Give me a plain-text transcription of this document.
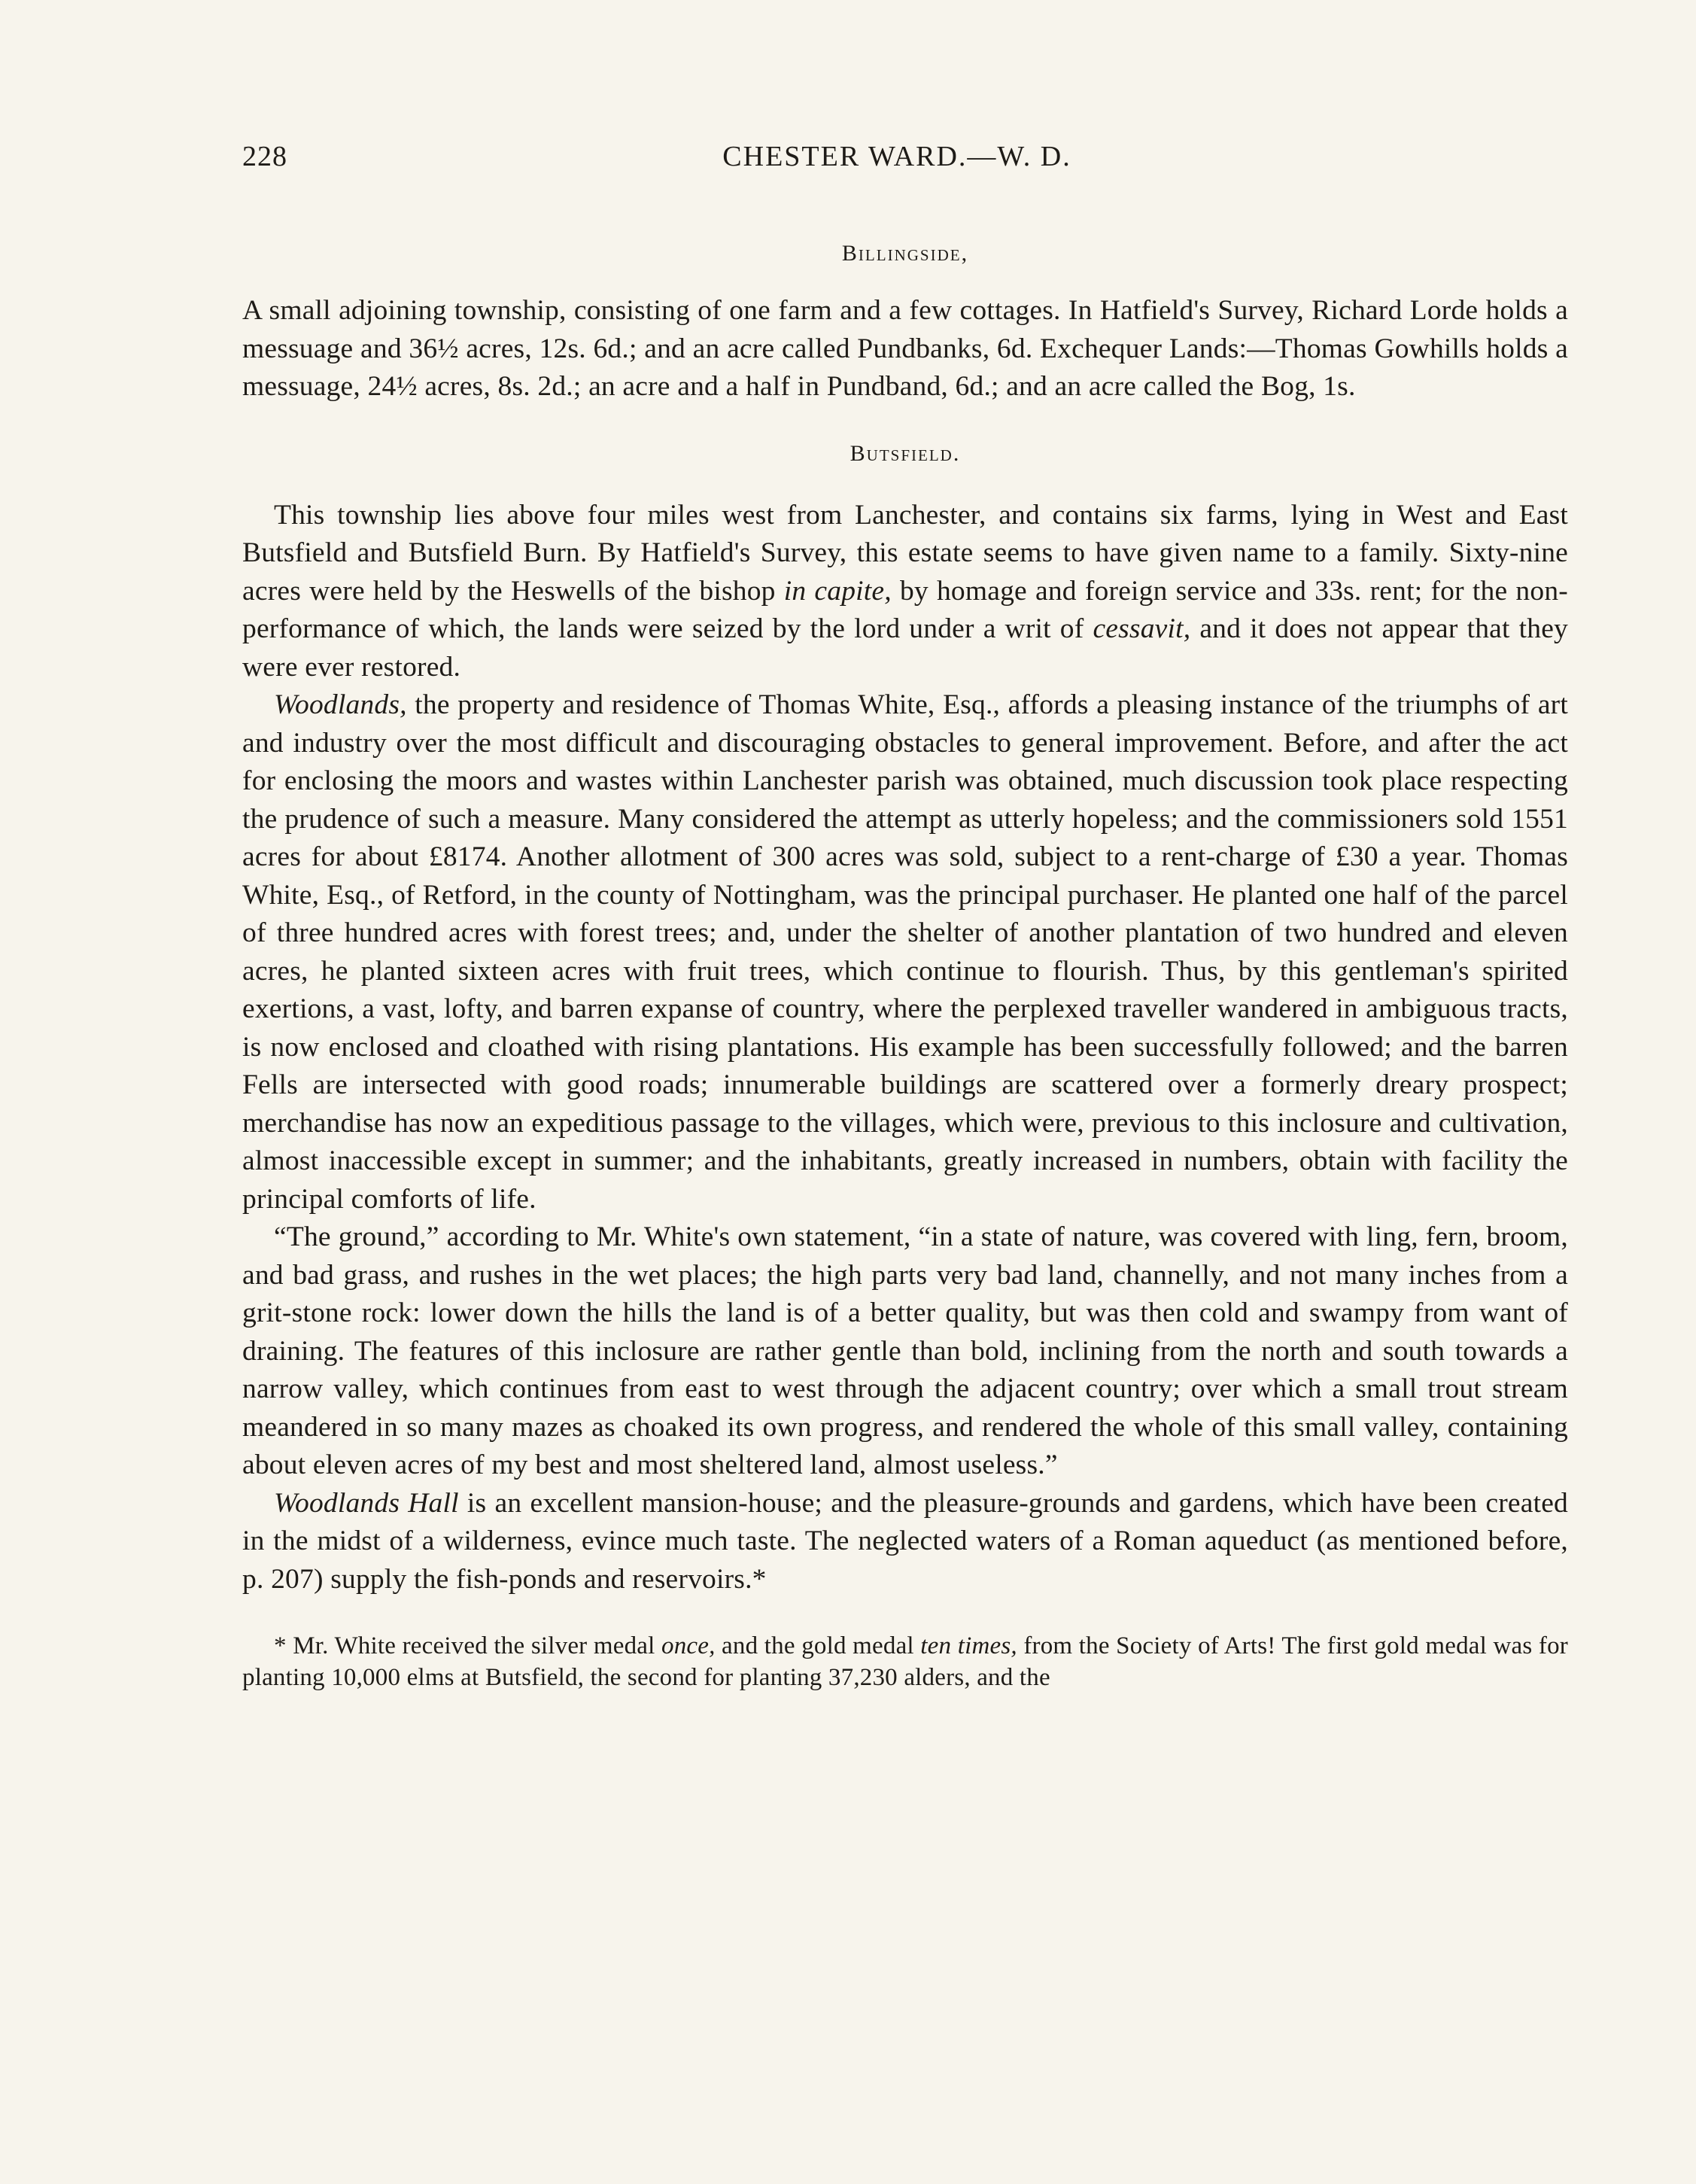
228	CHESTER WARD.—W. D.
Billingside,

A small adjoining township, consisting of one farm and a few cottages. In Hatfield's Survey, Richard Lorde holds a messuage and 36½ acres, 12s. 6d.; and an acre called Pundbanks, 6d. Exchequer Lands:—Thomas Gowhills holds a messuage, 24½ acres, 8s. 2d.; an acre and a half in Pundband, 6d.; and an acre called the Bog, 1s.

Butsfield.

This township lies above four miles west from Lanchester, and contains six farms, lying in West and East Butsfield and Butsfield Burn. By Hatfield's Survey, this estate seems to have given name to a family. Sixty-nine acres were held by the Heswells of the bishop in capite, by homage and foreign service and 33s. rent; for the non-performance of which, the lands were seized by the lord under a writ of cessavit, and it does not appear that they were ever restored.

Woodlands, the property and residence of Thomas White, Esq., affords a pleasing instance of the triumphs of art and industry over the most difficult and discouraging obstacles to general improvement. Before, and after the act for enclosing the moors and wastes within Lanchester parish was obtained, much discussion took place respecting the prudence of such a measure. Many considered the attempt as utterly hopeless; and the commissioners sold 1551 acres for about £8174. Another allotment of 300 acres was sold, subject to a rent-charge of £30 a year. Thomas White, Esq., of Retford, in the county of Nottingham, was the principal purchaser. He planted one half of the parcel of three hundred acres with forest trees; and, under the shelter of another plantation of two hundred and eleven acres, he planted sixteen acres with fruit trees, which continue to flourish. Thus, by this gentleman's spirited exertions, a vast, lofty, and barren expanse of country, where the perplexed traveller wandered in ambiguous tracts, is now enclosed and cloathed with rising plantations. His example has been successfully followed; and the barren Fells are intersected with good roads; innumerable buildings are scattered over a formerly dreary prospect; merchandise has now an expeditious passage to the villages, which were, previous to this inclosure and cultivation, almost inaccessible except in summer; and the inhabitants, greatly increased in numbers, obtain with facility the principal comforts of life.

“The ground,” according to Mr. White's own statement, “in a state of nature, was covered with ling, fern, broom, and bad grass, and rushes in the wet places; the high parts very bad land, channelly, and not many inches from a grit-stone rock: lower down the hills the land is of a better quality, but was then cold and swampy from want of draining. The features of this inclosure are rather gentle than bold, inclining from the north and south towards a narrow valley, which continues from east to west through the adjacent country; over which a small trout stream meandered in so many mazes as choaked its own progress, and rendered the whole of this small valley, containing about eleven acres of my best and most sheltered land, almost useless.”

Woodlands Hall is an excellent mansion-house; and the pleasure-grounds and gardens, which have been created in the midst of a wilderness, evince much taste. The neglected waters of a Roman aqueduct (as mentioned before, p. 207) supply the fish-ponds and reservoirs.*

* Mr. White received the silver medal once, and the gold medal ten times, from the Society of Arts! The first gold medal was for planting 10,000 elms at Butsfield, the second for planting 37,230 alders, and the
